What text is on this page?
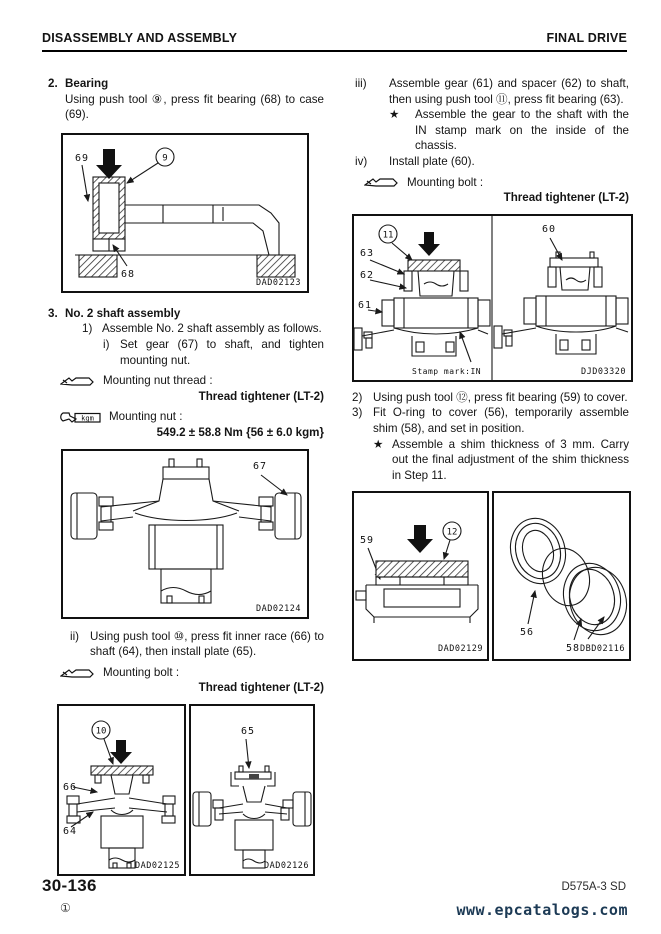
DISASSEMBLY AND ASSEMBLY	FINAL DRIVE
2. Bearing

Using push tool ⑨, press fit bearing (68) to case (69).

69	9
68
DAD02123
3. No. 2 shaft assembly
1) Assemble No. 2 shaft assembly as follows.
i) Set gear (67) to shaft, and tighten mounting nut.
Mounting nut thread :
Thread tightener (LT-2)
kgm Mounting nut :
549.2 ± 58.8 Nm {56 ± 6.0 kgm}
67
DAD02124
ii) Using push tool ⑩, press fit inner race (66) to shaft (64), then install plate (65).
Mounting bolt :
Thread tightener (LT-2)
10
66
64
DAD02125
65
DAD02126
iii)	Assemble gear (61) and spacer (62) to shaft, then using push tool ⑪, press fit bearing (63).
★	Assemble the gear to the shaft with the IN stamp mark on the inside of the chassis.
iv)	Install plate (60).
Mounting bolt :
Thread tightener (LT-2)
11
63
62
61
Stamp mark:IN
60
DJD03320
2) Using push tool ⑫, press fit bearing (59) to cover.
3) Fit O-ring to cover (56), temporarily assemble shim (58), and set in position.
★ Assemble a shim thickness of 3 mm. Carry out the final adjustment of the shim thickness in Step 11.
59
12
DAD02129
56
58 DBD02116
30-136
①
D575A-3 SD
www.epcatalogs.com
